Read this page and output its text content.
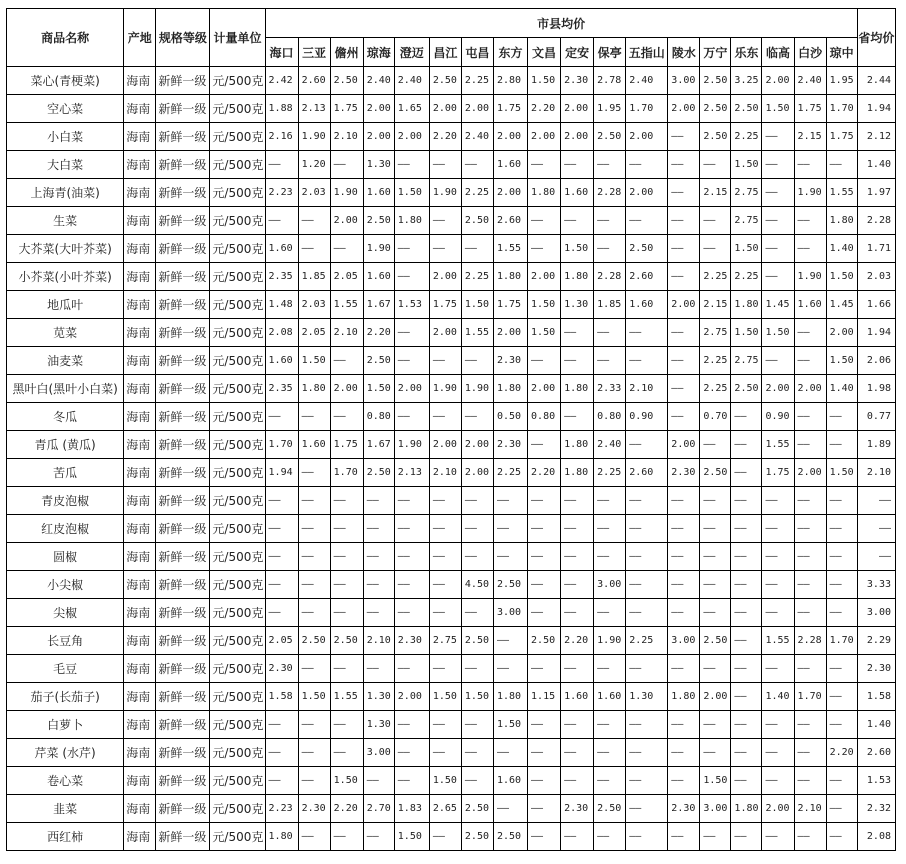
商品名称	产地	规格等级	计量单位	市县均价																		省均价
				海口	三亚	儋州	琼海	澄迈	昌江	屯昌	东方	文昌	定安	保亭	五指山	陵水	万宁	乐东	临高	白沙	琼中	
菜心(青梗菜)	海南	新鲜一级	元/500克	2.42	2.60	2.50	2.40	2.40	2.50	2.25	2.80	1.50	2.30	2.78	2.40	3.00	2.50	3.25	2.00	2.40	1.95	2.44
空心菜	海南	新鲜一级	元/500克	1.88	2.13	1.75	2.00	1.65	2.00	2.00	1.75	2.20	2.00	1.95	1.70	2.00	2.50	2.50	1.50	1.75	1.70	1.94
小白菜	海南	新鲜一级	元/500克	2.16	1.90	2.10	2.00	2.00	2.20	2.40	2.00	2.00	2.00	2.50	2.00	——	2.50	2.25	——	2.15	1.75	2.12
大白菜	海南	新鲜一级	元/500克	——	1.20	——	1.30	——	——	——	1.60	——	——	——	——	——	——	1.50	——	——	——	1.40
上海青(油菜)	海南	新鲜一级	元/500克	2.23	2.03	1.90	1.60	1.50	1.90	2.25	2.00	1.80	1.60	2.28	2.00	——	2.15	2.75	——	1.90	1.55	1.97
生菜	海南	新鲜一级	元/500克	——	——	2.00	2.50	1.80	——	2.50	2.60	——	——	——	——	——	——	2.75	——	——	1.80	2.28
大芥菜(大叶芥菜)	海南	新鲜一级	元/500克	1.60	——	——	1.90	——	——	——	1.55	——	1.50	——	2.50	——	——	1.50	——	——	1.40	1.71
小芥菜(小叶芥菜)	海南	新鲜一级	元/500克	2.35	1.85	2.05	1.60	——	2.00	2.25	1.80	2.00	1.80	2.28	2.60	——	2.25	2.25	——	1.90	1.50	2.03
地瓜叶	海南	新鲜一级	元/500克	1.48	2.03	1.55	1.67	1.53	1.75	1.50	1.75	1.50	1.30	1.85	1.60	2.00	2.15	1.80	1.45	1.60	1.45	1.66
苋菜	海南	新鲜一级	元/500克	2.08	2.05	2.10	2.20	——	2.00	1.55	2.00	1.50	——	——	——	——	2.75	1.50	1.50	——	2.00	1.94
油麦菜	海南	新鲜一级	元/500克	1.60	1.50	——	2.50	——	——	——	2.30	——	——	——	——	——	2.25	2.75	——	——	1.50	2.06
黑叶白(黑叶小白菜)	海南	新鲜一级	元/500克	2.35	1.80	2.00	1.50	2.00	1.90	1.90	1.80	2.00	1.80	2.33	2.10	——	2.25	2.50	2.00	2.00	1.40	1.98
冬瓜	海南	新鲜一级	元/500克	——	——	——	0.80	——	——	——	0.50	0.80	——	0.80	0.90	——	0.70	——	0.90	——	——	0.77
青瓜 (黄瓜)	海南	新鲜一级	元/500克	1.70	1.60	1.75	1.67	1.90	2.00	2.00	2.30	——	1.80	2.40	——	2.00	——	——	1.55	——	——	1.89
苦瓜	海南	新鲜一级	元/500克	1.94	——	1.70	2.50	2.13	2.10	2.00	2.25	2.20	1.80	2.25	2.60	2.30	2.50	——	1.75	2.00	1.50	2.10
青皮泡椒	海南	新鲜一级	元/500克	——	——	——	——	——	——	——	——	——	——	——	——	——	——	——	——	——	——	——
红皮泡椒	海南	新鲜一级	元/500克	——	——	——	——	——	——	——	——	——	——	——	——	——	——	——	——	——	——	——
圆椒	海南	新鲜一级	元/500克	——	——	——	——	——	——	——	——	——	——	——	——	——	——	——	——	——	——	——
小尖椒	海南	新鲜一级	元/500克	——	——	——	——	——	——	4.50	2.50	——	——	3.00	——	——	——	——	——	——	——	3.33
尖椒	海南	新鲜一级	元/500克	——	——	——	——	——	——	——	3.00	——	——	——	——	——	——	——	——	——	——	3.00
长豆角	海南	新鲜一级	元/500克	2.05	2.50	2.50	2.10	2.30	2.75	2.50	——	2.50	2.20	1.90	2.25	3.00	2.50	——	1.55	2.28	1.70	2.29
毛豆	海南	新鲜一级	元/500克	2.30	——	——	——	——	——	——	——	——	——	——	——	——	——	——	——	——	——	2.30
茄子(长茄子)	海南	新鲜一级	元/500克	1.58	1.50	1.55	1.30	2.00	1.50	1.50	1.80	1.15	1.60	1.60	1.30	1.80	2.00	——	1.40	1.70	——	1.58
白萝卜	海南	新鲜一级	元/500克	——	——	——	1.30	——	——	——	1.50	——	——	——	——	——	——	——	——	——	——	1.40
芹菜 (水芹)	海南	新鲜一级	元/500克	——	——	——	3.00	——	——	——	——	——	——	——	——	——	——	——	——	——	2.20	2.60
卷心菜	海南	新鲜一级	元/500克	——	——	1.50	——	——	1.50	——	1.60	——	——	——	——	——	1.50	——	——	——	——	1.53
韭菜	海南	新鲜一级	元/500克	2.23	2.30	2.20	2.70	1.83	2.65	2.50	——	——	2.30	2.50	——	2.30	3.00	1.80	2.00	2.10	——	2.32
西红柿	海南	新鲜一级	元/500克	1.80	——	——	——	1.50	——	2.50	2.50	——	——	——	——	——	——	——	——	——	——	2.08
